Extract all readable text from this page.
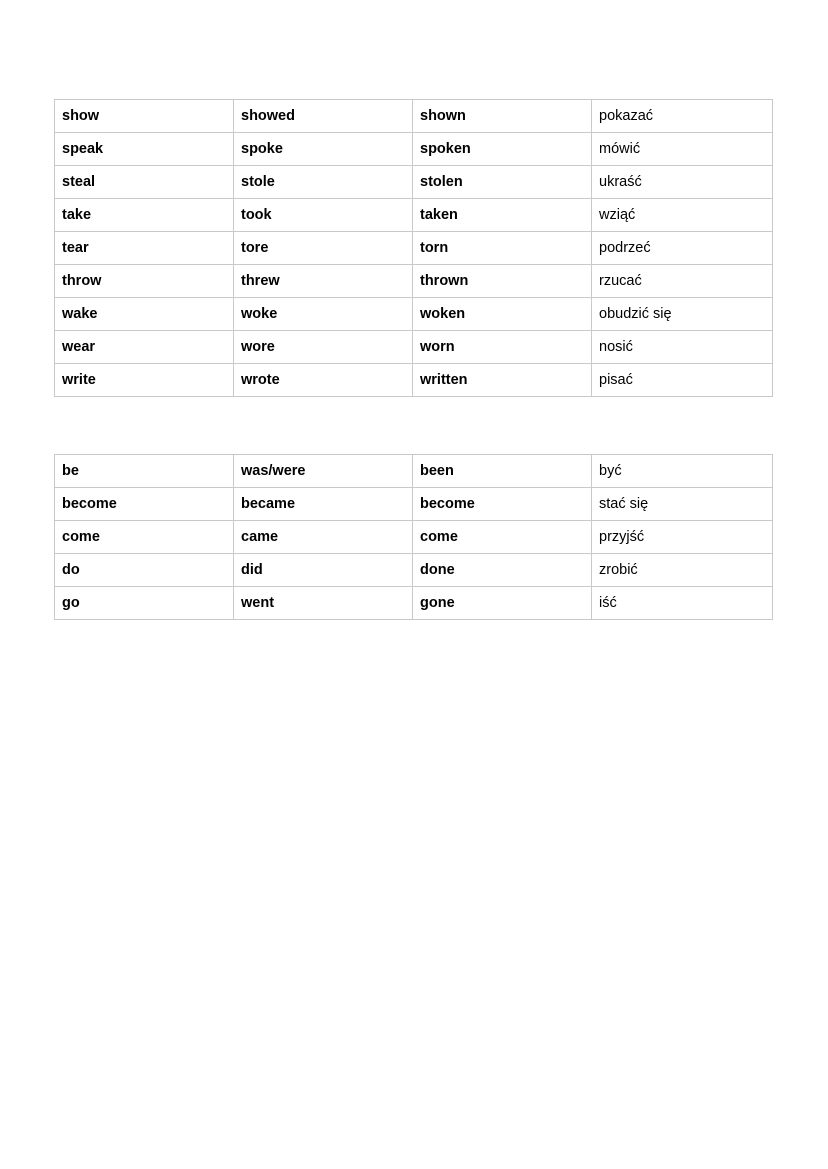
show	showed	shown	pokazać
speak	spoke	spoken	mówić
steal	stole	stolen	ukraść
take	took	taken	wziąć
tear	tore	torn	podrzeć
throw	threw	thrown	rzucać
wake	woke	woken	obudzić się
wear	wore	worn	nosić
write	wrote	written	pisać
be	was/were	been	być
become	became	become	stać się
come	came	come	przyjść
do	did	done	zrobić
go	went	gone	iść
